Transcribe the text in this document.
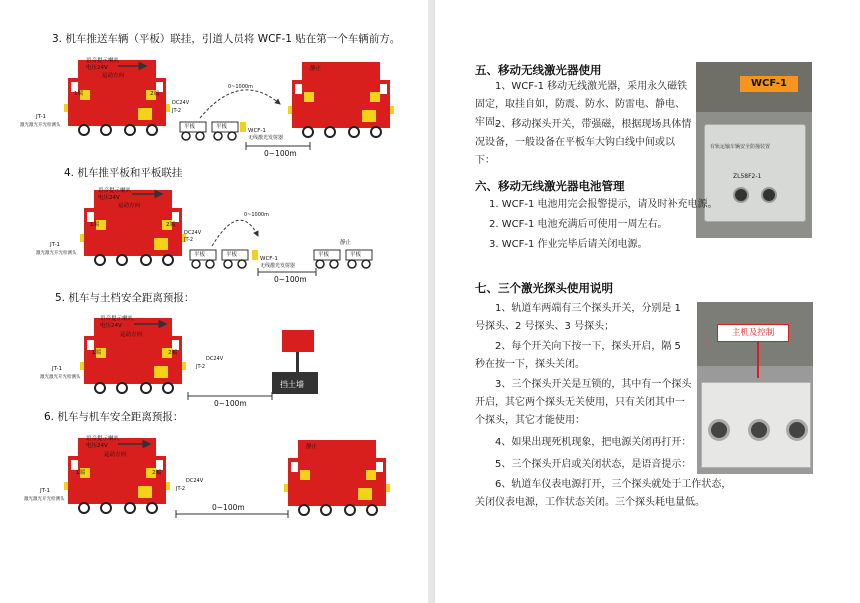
3. 机车推送车辆（平板）联挂，引道人员将 WCF-1 贴在第一个车辆前方。
4. 机车推平板和平板联挂
5. 机车与土档安全距离预报：
6. 机车与机车安全距离预报：
语音提示喇叭
电压24V
运动方向
1端	2端
DC24V
JT-2
JT-1
激光激光开光检测头	平板	平板
WCF-1
无线激光发射器
0~1000m
静止
0~100m
语音提示喇叭
电压24V
运动方向
1端	2端
DC24V
JT-2
JT-1
激光激光开光检测头	平板	平板	平板	平板
WCF-1
无线激光发射器
0~1000m
静止
0~100m
语音提示喇叭
电压24V
运动方向
1端	2端
DC24V
JT-2
JT-1
激光激光开光检测头
挡土墙
0~100m
语音提示喇叭
电压24V
运动方向
1端	2端
DC24V
JT-2
JT-1
激光激光开光检测头
静止
0~100m
五、移动无线激光器使用
1、WCF-1 移动无线激光器，采用永久磁铁固定，取挂自如，防震、防水、防雷电、静电、牢固。
2、移动探头开关，带强磁，根据现场具体情况设备，一般设备在平板车大钩白线中间或以下：
WCF-1
有轨运输车辆安全防撞装置
ZL58F2-1
六、移动无线激光器电池管理
1. WCF-1 电池用完会报警提示，请及时补充电源。
2. WCF-1 电池充满后可使用一周左右。
3. WCF-1 作业完毕后请关闭电源。
七、三个激光探头使用说明
1、轨道车两端有三个探头开关，分别是 1 号探头、2 号探头、3 号探头；
2、每个开关向下按一下，探头开启，隔 5 秒在按一下，探头关闭。
3、三个探头开关是互锁的，其中有一个探头开启，其它两个探头无关使用，只有关闭其中一个探头，其它才能使用：
4、如果出现死机现象，把电源关闭再打开：
5、三个探头开启或关闭状态，是语音提示：
6、轨道车仪表电源打开，三个探头就处于工作状态，关闭仪表电源，工作状态关闭。三个探头耗电量低。
主机及控制
